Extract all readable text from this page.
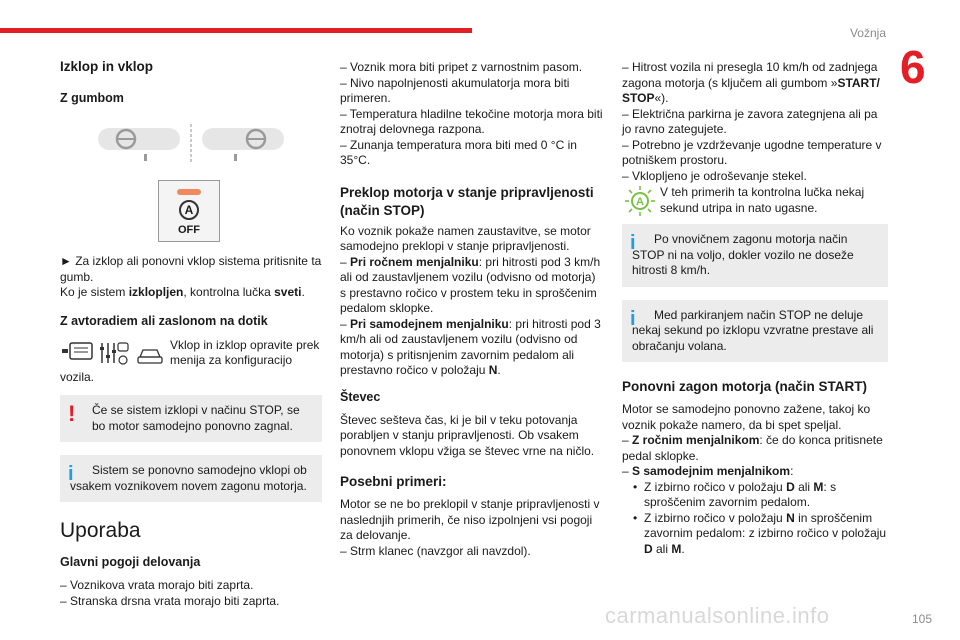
Vožnja
6
Izklop in vklop
Z gumbom
A
OFF

► Za izklop ali ponovni vklop sistema pritisnite ta gumb.

Ko je sistem izklopljen, kontrolna lučka sveti.

Z avtoradiem ali zaslonom na dotik
Vklop in izklop opravite prek menija za konfiguracijo

vozila.

!	Če se sistem izklopi v načinu STOP, se bo motor samodejno ponovno zagnal.
i	Sistem se ponovno samodejno vklopi ob vsakem voznikovem novem zagonu motorja.
Uporaba
Glavni pogoji delovanja

– Voznikova vrata morajo biti zaprta.

– Stranska drsna vrata morajo biti zaprta.

– Voznik mora biti pripet z varnostnim pasom.

– Nivo napolnjenosti akumulatorja mora biti primeren.

– Temperatura hladilne tekočine motorja mora biti znotraj delovnega razpona.

– Zunanja temperatura mora biti med 0 °C in 35°C.

Preklop motorja v stanje pripravljenosti (način STOP)

Ko voznik pokaže namen zaustavitve, se motor samodejno preklopi v stanje pripravljenosti.

– Pri ročnem menjalniku: pri hitrosti pod 3 km/h ali od zaustavljenem vozilu (odvisno od motorja) s prestavno ročico v prostem teku in sproščenim pedalom sklopke.

– Pri samodejnem menjalniku: pri hitrosti pod 3 km/h ali od zaustavljenem vozilu (odvisno od motorja) s pritisnjenim zavornim pedalom ali prestavno ročico v položaju N.

Števec

Števec sešteva čas, ki je bil v teku potovanja porabljen v stanju pripravljenosti. Ob vsakem ponovnem vklopu vžiga se števec vrne na ničlo.

Posebni primeri:

Motor se ne bo preklopil v stanje pripravljenosti v naslednjih primerih, če niso izpolnjeni vsi pogoji za delovanje.

– Strm klanec (navzgor ali navzdol).

– Hitrost vozila ni presegla 10 km/h od zadnjega zagona motorja (s ključem ali gumbom »START/ STOP«).

– Električna parkirna je zavora zategnjena ali pa jo ravno zategujete.

– Potrebno je vzdrževanje ugodne temperature v potniškem prostoru.

– Vklopljeno je odroševanje stekel.

A
V teh primerih ta kontrolna lučka nekaj sekund utripa in nato ugasne.
i	Po vnovičnem zagonu motorja način STOP ni na voljo, dokler vozilo ne doseže hitrosti 8 km/h.
i	Med parkiranjem način STOP ne deluje nekaj sekund po izklopu vzvratne prestave ali obračanju volana.
Ponovni zagon motorja (način START)

Motor se samodejno ponovno zažene, takoj ko voznik pokaže namero, da bi spet speljal.

– Z ročnim menjalnikom: če do konca pritisnete pedal sklopke.

– S samodejnim menjalnikom:

• Z izbirno ročico v položaju D ali M: s sproščenim zavornim pedalom.

• Z izbirno ročico v položaju N in sproščenim zavornim pedalom: z izbirno ročico v položaju D ali M.

carmanualsonline.info	105
